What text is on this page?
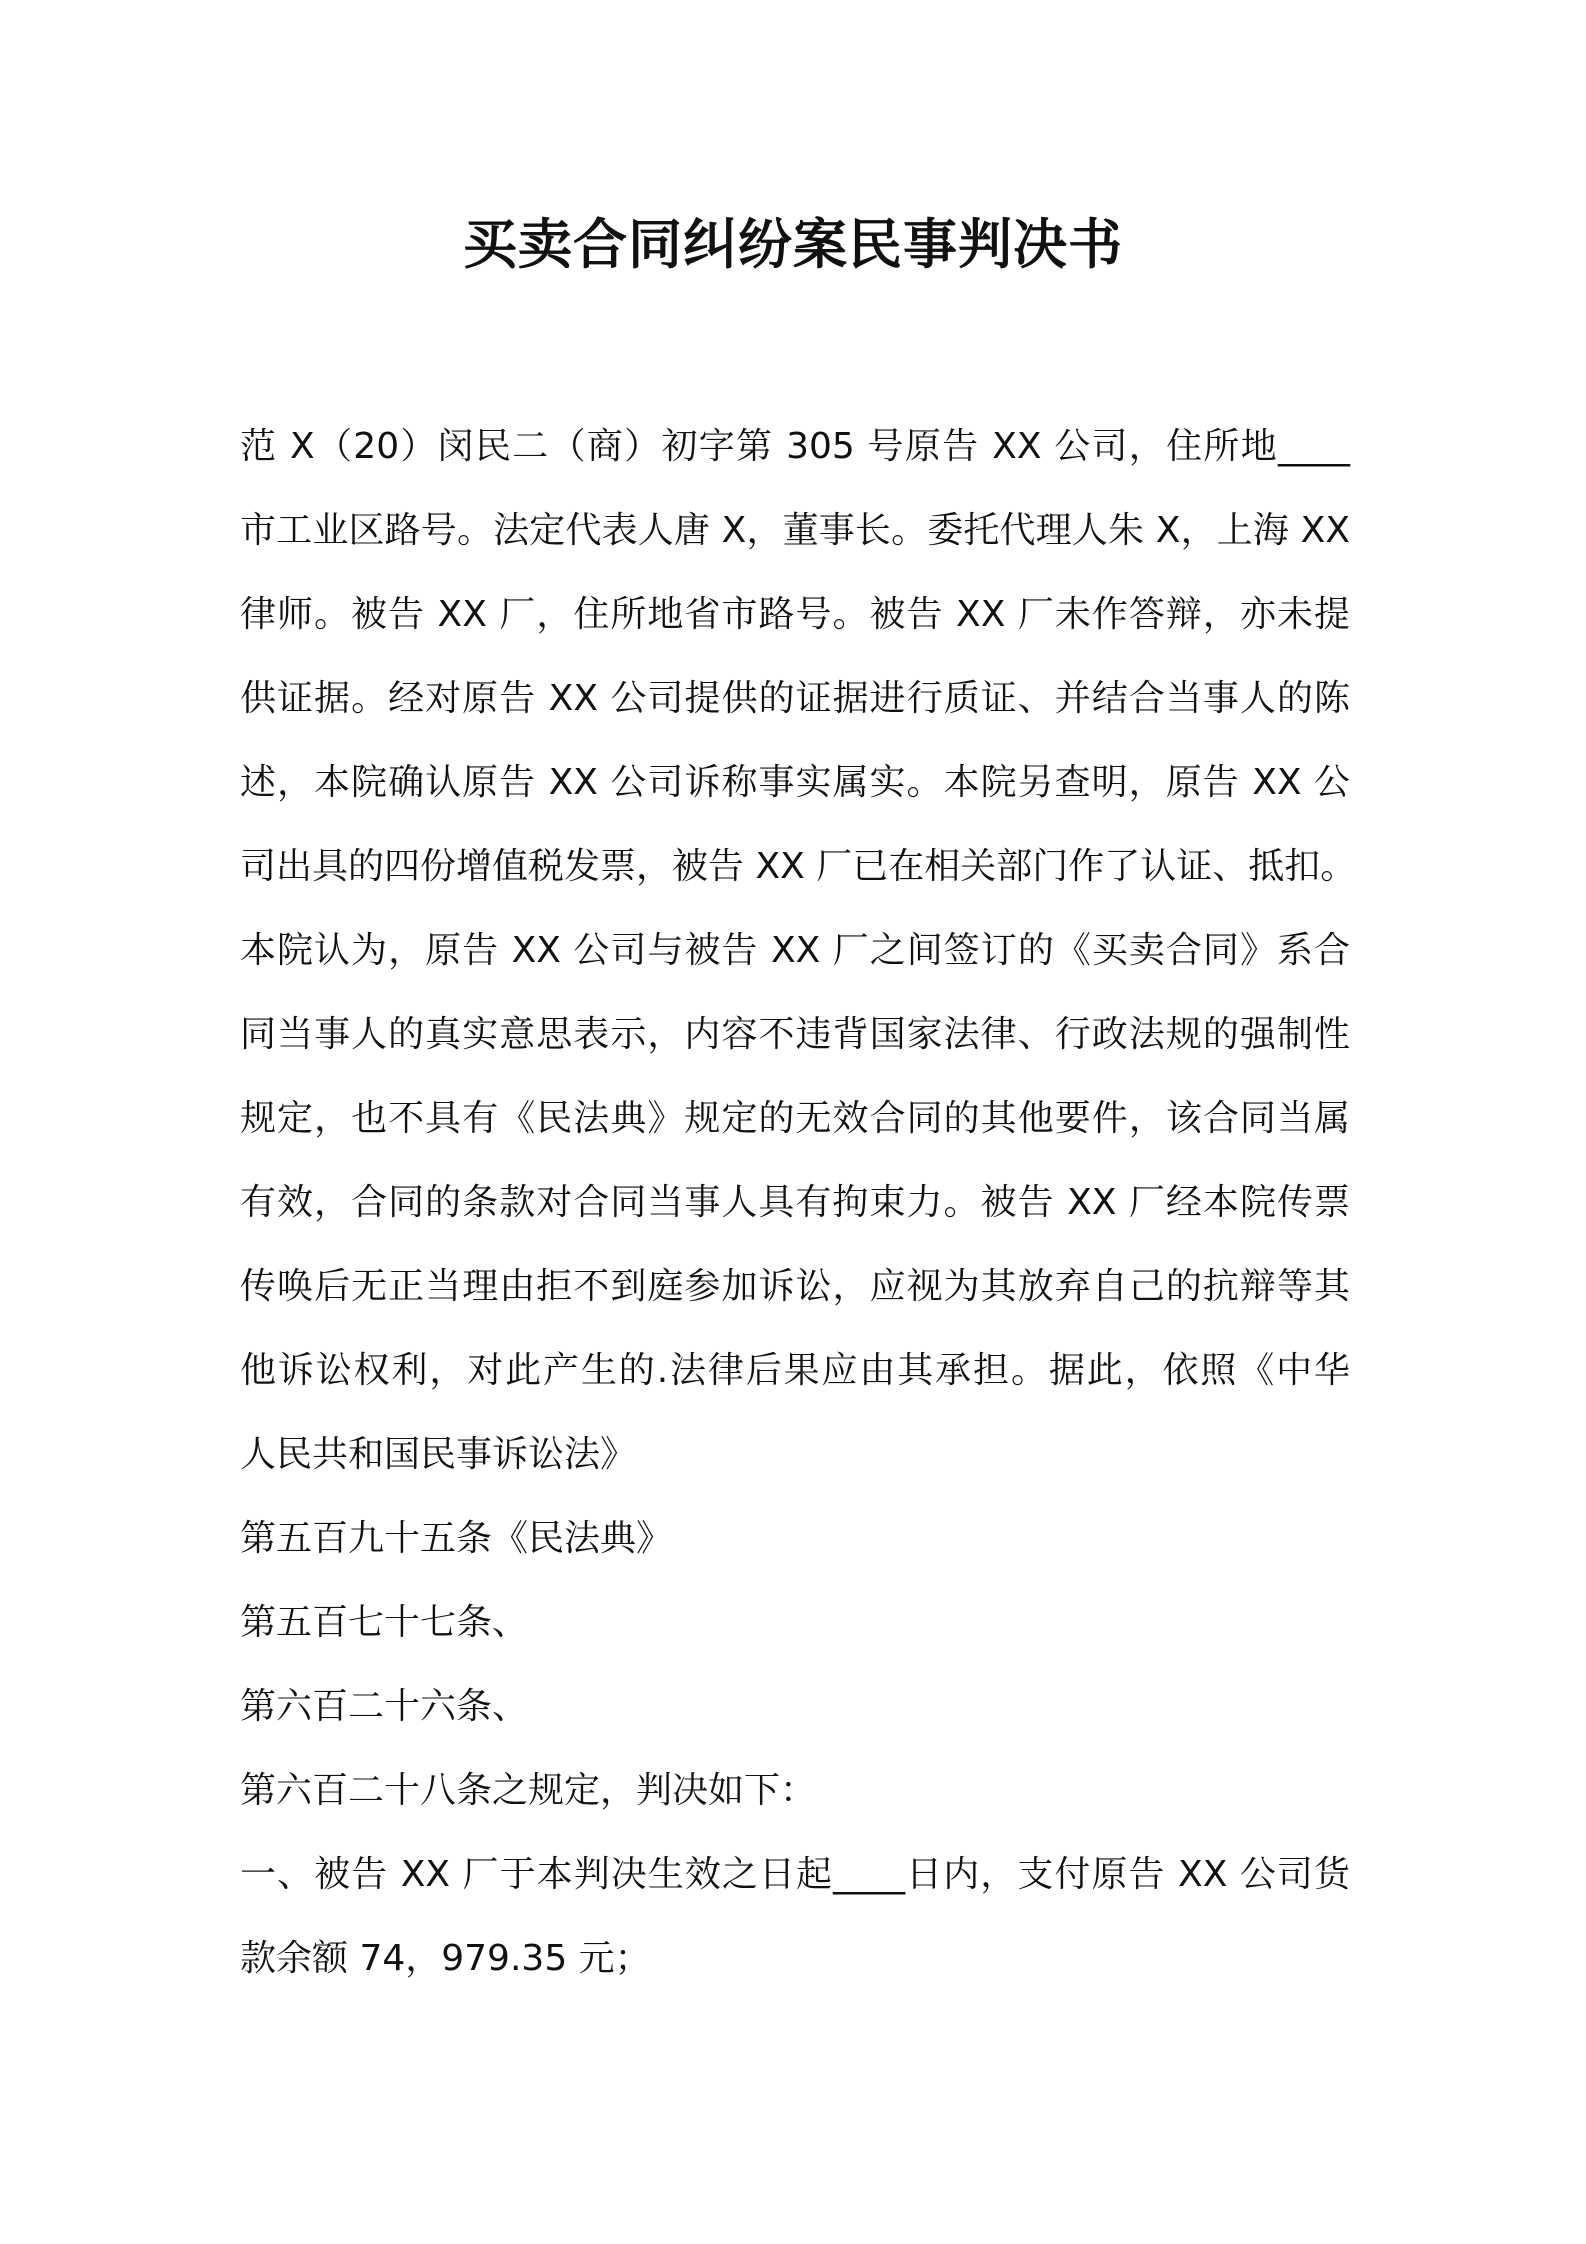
买卖合同纠纷案民事判决书
范 X（20）闵民二（商）初字第 305 号原告 XX 公司，住所地____
市工业区路号。法定代表人唐 X，董事长。委托代理人朱 X，上海 XX
律师。被告 XX 厂，住所地省市路号。被告 XX 厂未作答辩，亦未提
供证据。经对原告 XX 公司提供的证据进行质证、并结合当事人的陈
述，本院确认原告 XX 公司诉称事实属实。本院另查明，原告 XX 公
司出具的四份增值税发票，被告 XX 厂已在相关部门作了认证、抵扣。
本院认为，原告 XX 公司与被告 XX 厂之间签订的《买卖合同》系合
同当事人的真实意思表示，内容不违背国家法律、行政法规的强制性
规定，也不具有《民法典》规定的无效合同的其他要件，该合同当属
有效，合同的条款对合同当事人具有拘束力。被告 XX 厂经本院传票
传唤后无正当理由拒不到庭参加诉讼，应视为其放弃自己的抗辩等其
他诉讼权利，对此产生的.法律后果应由其承担。据此，依照《中华
人民共和国民事诉讼法》
第五百九十五条《民法典》
第五百七十七条、
第六百二十六条、
第六百二十八条之规定，判决如下：
一、被告 XX 厂于本判决生效之日起____日内，支付原告 XX 公司货
款余额 74，979.35 元；
